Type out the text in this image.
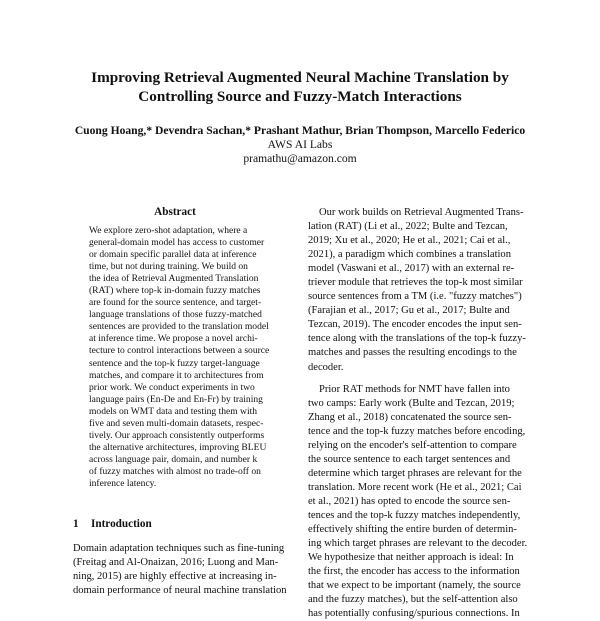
Improving Retrieval Augmented Neural Machine Translation by
Controlling Source and Fuzzy-Match Interactions
Cuong Hoang,* Devendra Sachan,* Prashant Mathur, Brian Thompson, Marcello Federico
AWS AI Labs
pramathu@amazon.com
Abstract
We explore zero-shot adaptation, where a
general-domain model has access to customer
or domain specific parallel data at inference
time, but not during training. We build on
the idea of Retrieval Augmented Translation
(RAT) where top-k in-domain fuzzy matches
are found for the source sentence, and target-
language translations of those fuzzy-matched
sentences are provided to the translation model
at inference time. We propose a novel archi-
tecture to control interactions between a source
sentence and the top-k fuzzy target-language
matches, and compare it to architectures from
prior work. We conduct experiments in two
language pairs (En-De and En-Fr) by training
models on WMT data and testing them with
five and seven multi-domain datasets, respec-
tively. Our approach consistently outperforms
the alternative architectures, improving BLEU
across language pair, domain, and number k
of fuzzy matches with almost no trade-off on
inference latency.
1 Introduction
Domain adaptation techniques such as fine-tuning
(Freitag and Al-Onaizan, 2016; Luong and Man-
ning, 2015) are highly effective at increasing in-
domain performance of neural machine translation
Our work builds on Retrieval Augmented Trans-
lation (RAT) (Li et al., 2022; Bulte and Tezcan,
2019; Xu et al., 2020; He et al., 2021; Cai et al.,
2021), a paradigm which combines a translation
model (Vaswani et al., 2017) with an external re-
triever module that retrieves the top-k most similar
source sentences from a TM (i.e. "fuzzy matches")
(Farajian et al., 2017; Gu et al., 2017; Bulte and
Tezcan, 2019). The encoder encodes the input sen-
tence along with the translations of the top-k fuzzy-
matches and passes the resulting encodings to the
decoder.
Prior RAT methods for NMT have fallen into
two camps: Early work (Bulte and Tezcan, 2019;
Zhang et al., 2018) concatenated the source sen-
tence and the top-k fuzzy matches before encoding,
relying on the encoder's self-attention to compare
the source sentence to each target sentences and
determine which target phrases are relevant for the
translation. More recent work (He et al., 2021; Cai
et al., 2021) has opted to encode the source sen-
tences and the top-k fuzzy matches independently,
effectively shifting the entire burden of determin-
ing which target phrases are relevant to the decoder.
We hypothesize that neither approach is ideal: In
the first, the encoder has access to the information
that we expect to be important (namely, the source
and the fuzzy matches), but the self-attention also
has potentially confusing/spurious connections. In
